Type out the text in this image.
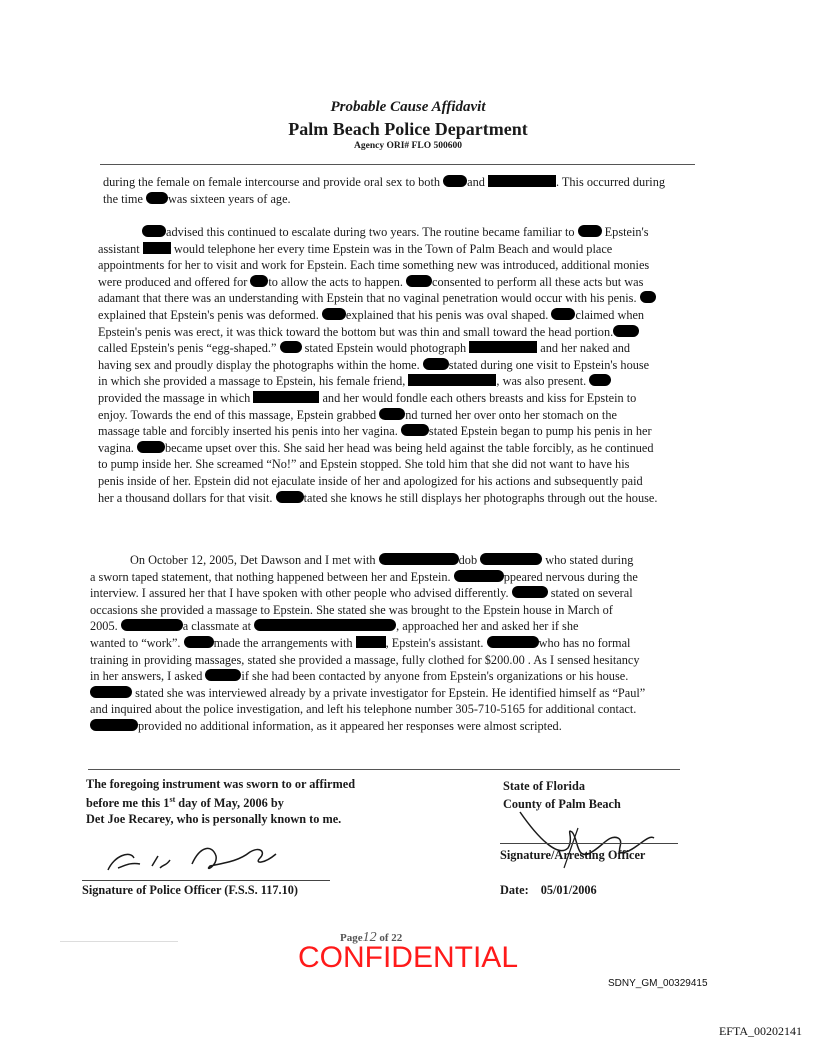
Probable Cause Affidavit
Palm Beach Police Department
Agency ORI# FLO 500600

during the female on female intercourse and provide oral sex to both and	. This occurred during
the time was sixteen years of age.

advised this continued to escalate during two years. The routine became familiar to Epstein's
assistant	would telephone her every time Epstein was in the Town of Palm Beach and would place
appointments for her to visit and work for Epstein. Each time something new was introduced, additional monies
were produced and offered for to allow the acts to happen. consented to perform all these acts but was
adamant that there was an understanding with Epstein that no vaginal penetration would occur with his penis.
explained that Epstein's penis was deformed. explained that his penis was oval shaped. claimed when
Epstein's penis was erect, it was thick toward the bottom but was thin and small toward the head portion.
called Epstein's penis “egg-shaped.” stated Epstein would photograph	and her naked and
having sex and proudly display the photographs within the home. stated during one visit to Epstein's house
in which she provided a massage to Epstein, his female friend,	, was also present.
provided the massage in which	and her would fondle each others breasts and kiss for Epstein to
enjoy. Towards the end of this massage, Epstein grabbed nd turned her over onto her stomach on the
massage table and forcibly inserted his penis into her vagina.	stated Epstein began to pump his penis in her
vagina.	became upset over this. She said her head was being held against the table forcibly, as he continued
to pump inside her. She screamed “No!” and Epstein stopped. She told him that she did not want to have his
penis inside of her. Epstein did not ejaculate inside of her and apologized for his actions and subsequently paid
her a thousand dollars for that visit.	tated she knows he still displays her photographs through out the house.

On October 12, 2005, Det Dawson and I met with	dob	who stated during
a sworn taped statement, that nothing happened between her and Epstein.	ppeared nervous during the
interview. I assured her that I have spoken with other people who advised differently.	stated on several
occasions she provided a massage to Epstein. She stated she was brought to the Epstein house in March of
2005.	a classmate at	, approached her and asked her if she
wanted to “work”.	made the arrangements with	, Epstein's assistant.	who has no formal
training in providing massages, stated she provided a massage, fully clothed for $200.00 . As I sensed hesitancy
in her answers, I asked	if she had been contacted by anyone from Epstein's organizations or his house.
stated she was interviewed already by a private investigator for Epstein. He identified himself as “Paul”
and inquired about the police investigation, and left his telephone number 305-710-5165 for additional contact.
provided no additional information, as it appeared her responses were almost scripted.

The foregoing instrument was sworn to or affirmed
before me this 1st day of May, 2006 by
Det Joe Recarey, who is personally known to me.
Signature of Police Officer (F.S.S. 117.10)
State of Florida
County of Palm Beach
Signature/Arresting Officer
Date: 05/01/2006
Page12 of 22
CONFIDENTIAL
SDNY_GM_00329415
EFTA_00202141
